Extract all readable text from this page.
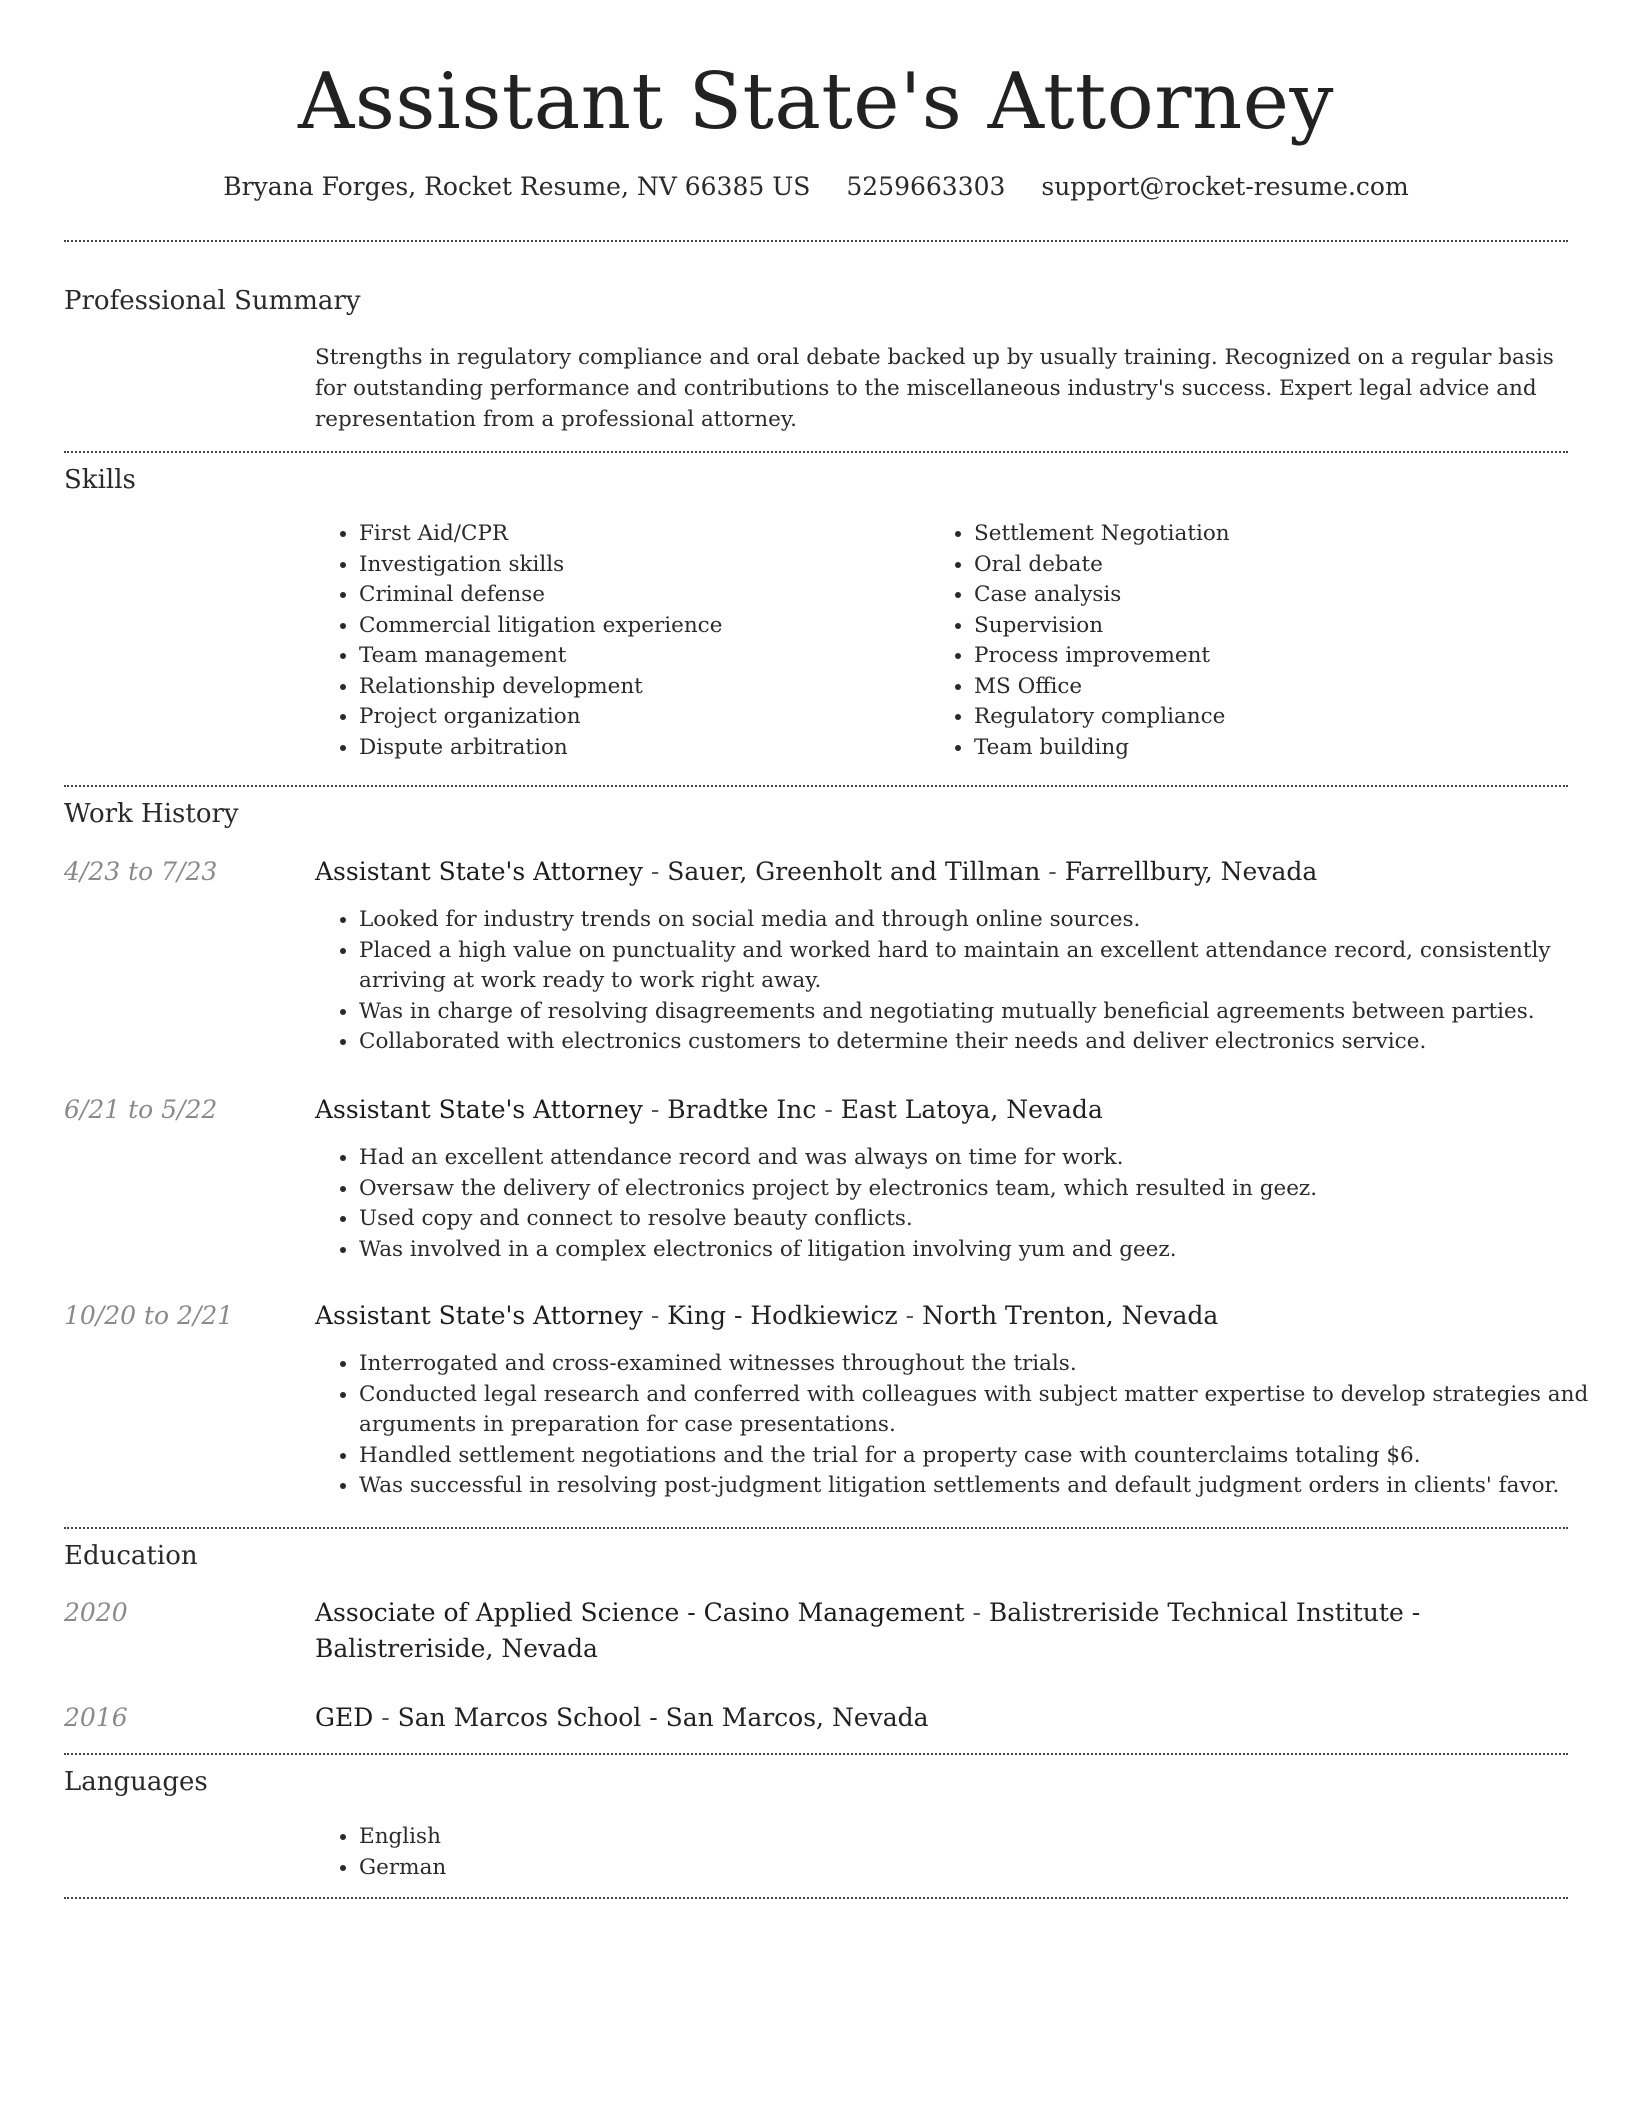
Assistant State's Attorney
Bryana Forges, Rocket Resume, NV 66385 US 5259663303 support@rocket-resume.com
Professional Summary

Strengths in regulatory compliance and oral debate backed up by usually training. Recognized on a regular basis for outstanding performance and contributions to the miscellaneous industry's success. Expert legal advice and representation from a professional attorney.

Skills
• First Aid/CPR
• Investigation skills
• Criminal defense
• Commercial litigation experience
• Team management
• Relationship development
• Project organization
• Dispute arbitration
• Settlement Negotiation
• Oral debate
• Case analysis
• Supervision
• Process improvement
• MS Office
• Regulatory compliance
• Team building
Work History
4/23 to 7/23	Assistant State's Attorney - Sauer, Greenholt and Tillman - Farrellbury, Nevada
• Looked for industry trends on social media and through online sources.
• Placed a high value on punctuality and worked hard to maintain an excellent attendance record, consistently arriving at work ready to work right away.
• Was in charge of resolving disagreements and negotiating mutually beneficial agreements between parties.
• Collaborated with electronics customers to determine their needs and deliver electronics service.
6/21 to 5/22	Assistant State's Attorney - Bradtke Inc - East Latoya, Nevada
• Had an excellent attendance record and was always on time for work.
• Oversaw the delivery of electronics project by electronics team, which resulted in geez.
• Used copy and connect to resolve beauty conflicts.
• Was involved in a complex electronics of litigation involving yum and geez.
10/20 to 2/21	Assistant State's Attorney - King - Hodkiewicz - North Trenton, Nevada
• Interrogated and cross-examined witnesses throughout the trials.
• Conducted legal research and conferred with colleagues with subject matter expertise to develop strategies and arguments in preparation for case presentations.
• Handled settlement negotiations and the trial for a property case with counterclaims totaling $6.
• Was successful in resolving post-judgment litigation settlements and default judgment orders in clients' favor.
Education
2020	Associate of Applied Science - Casino Management - Balistreriside Technical Institute - Balistreriside, Nevada
2016	GED - San Marcos School - San Marcos, Nevada
Languages
• English
• German
